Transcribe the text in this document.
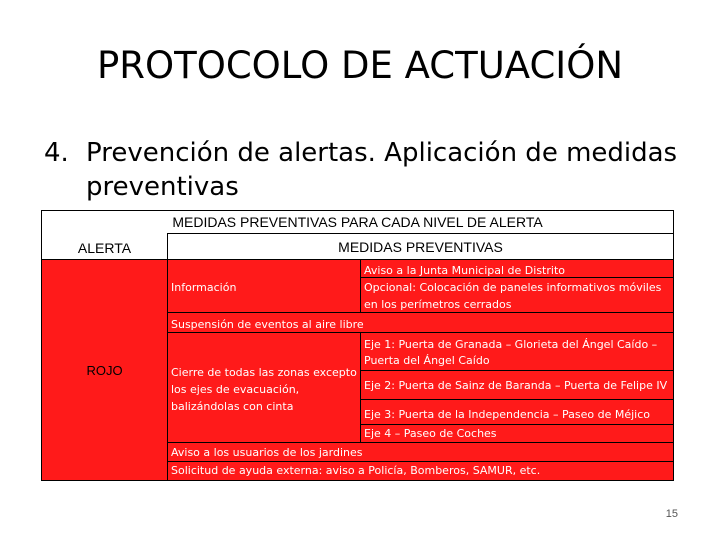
PROTOCOLO DE ACTUACIÓN
4. Prevención de alertas. Aplicación de medidas preventivas
MEDIDAS PREVENTIVAS PARA CADA NIVEL DE ALERTA
ALERTA	MEDIDAS PREVENTIVAS
ROJO
Información
Aviso a la Junta Municipal de Distrito
Opcional: Colocación de paneles informativos móviles
en los perímetros cerrados
Suspensión de eventos al aire libre
Cierre de todas las zonas excepto
los ejes de evacuación,
balizándolas con cinta
Eje 1: Puerta de Granada – Glorieta del Ángel Caído –
Puerta del Ángel Caído
Eje 2: Puerta de Sainz de Baranda – Puerta de Felipe IV
Eje 3: Puerta de la Independencia – Paseo de Méjico
Eje 4 – Paseo de Coches
Aviso a los usuarios de los jardines
Solicitud de ayuda externa: aviso a Policía, Bomberos, SAMUR, etc.
15
